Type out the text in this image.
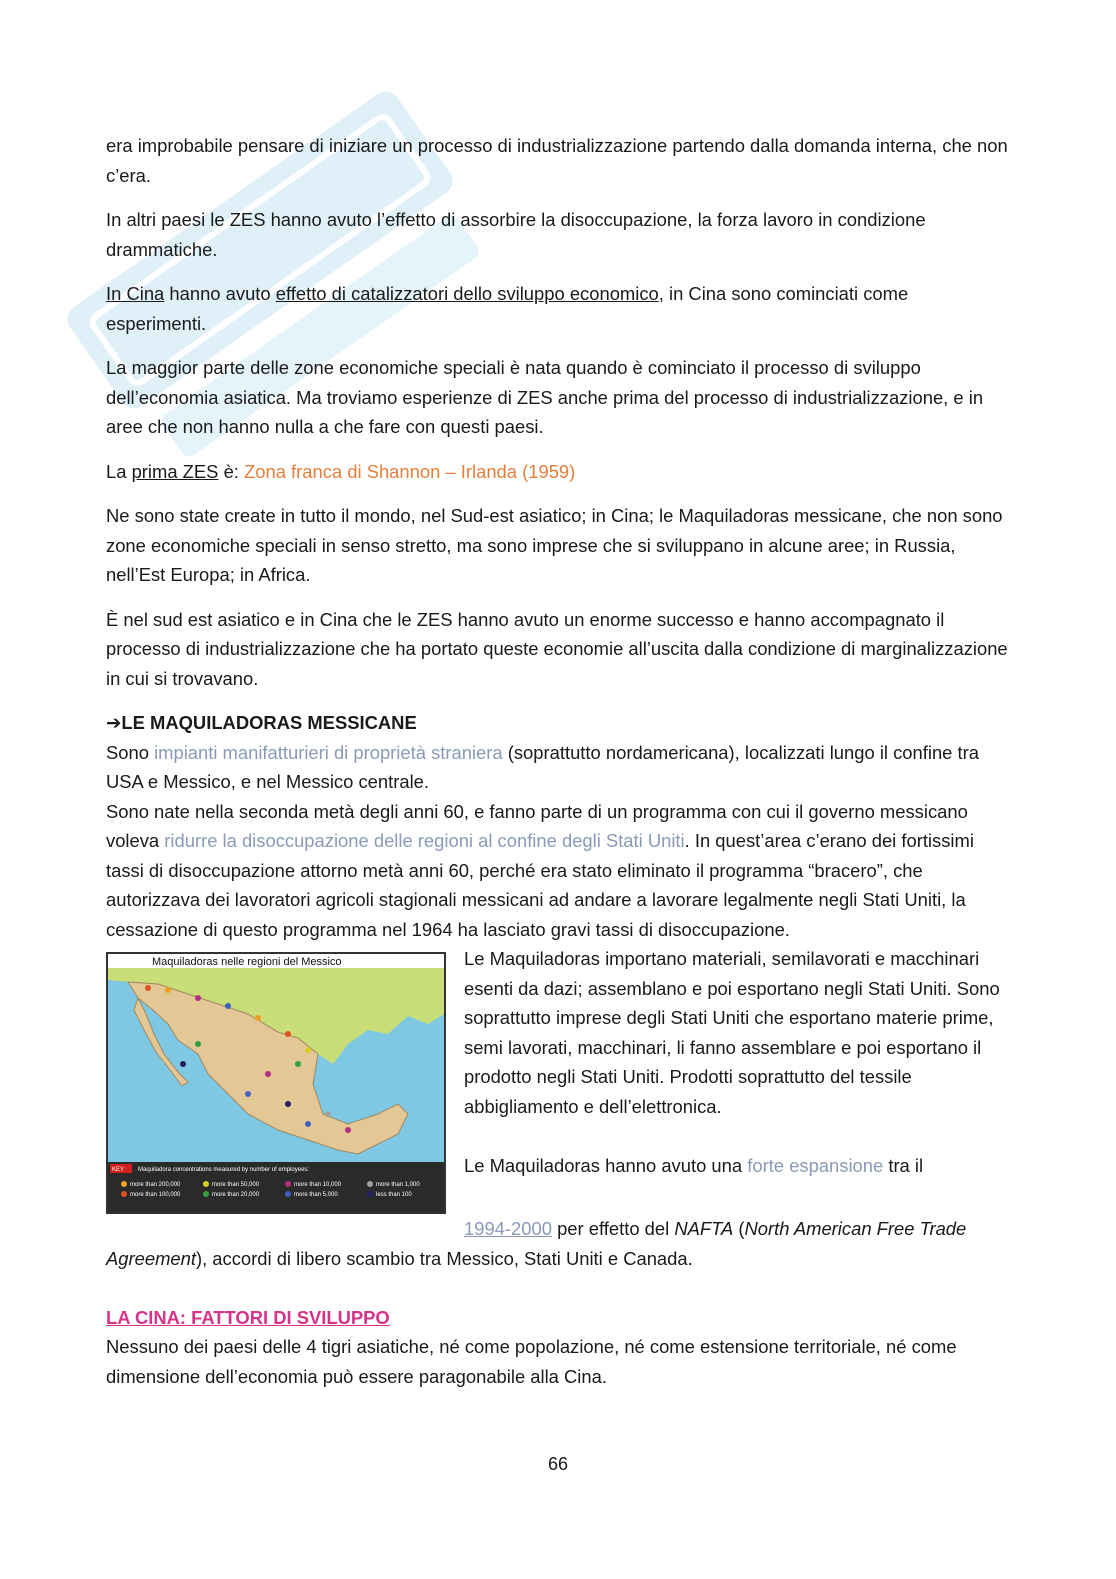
era improbabile pensare di iniziare un processo di industrializzazione partendo dalla domanda interna, che non c’era.

In altri paesi le ZES hanno avuto l’effetto di assorbire la disoccupazione, la forza lavoro in condizione drammatiche.

In Cina hanno avuto effetto di catalizzatori dello sviluppo economico, in Cina sono cominciati come esperimenti.

La maggior parte delle zone economiche speciali è nata quando è cominciato il processo di sviluppo dell’economia asiatica. Ma troviamo esperienze di ZES anche prima del processo di industrializzazione, e in aree che non hanno nulla a che fare con questi paesi.

La prima ZES è: Zona franca di Shannon – Irlanda (1959)

Ne sono state create in tutto il mondo, nel Sud-est asiatico; in Cina; le Maquiladoras messicane, che non sono zone economiche speciali in senso stretto, ma sono imprese che si sviluppano in alcune aree; in Russia, nell’Est Europa; in Africa.

È nel sud est asiatico e in Cina che le ZES hanno avuto un enorme successo e hanno accompagnato il processo di industrializzazione che ha portato queste economie all’uscita dalla condizione di marginalizzazione in cui si trovavano.

➔LE MAQUILADORAS MESSICANE
Sono impianti manifatturieri di proprietà straniera (soprattutto nordamericana), localizzati lungo il confine tra USA e Messico, e nel Messico centrale.
Sono nate nella seconda metà degli anni 60, e fanno parte di un programma con cui il governo messicano voleva ridurre la disoccupazione delle regioni al confine degli Stati Uniti. In quest’area c’erano dei fortissimi tassi di disoccupazione attorno metà anni 60, perché era stato eliminato il programma “bracero”, che autorizzava dei lavoratori agricoli stagionali messicani ad andare a lavorare legalmente negli Stati Uniti, la cessazione di questo programma nel 1964 ha lasciato gravi tassi di disoccupazione.
KEY Maquiladora concentrations measured by number of employees:
more than 200,000
more than 100,000
more than 50,000
more than 20,000
more than 10,000
more than 5,000
more than 1,000
less than 100
Maquiladoras nelle regioni del Messico	Le Maquiladoras importano materiali, semilavorati e macchinari esenti da dazi; assemblano e poi esportano negli Stati Uniti. Sono soprattutto imprese degli Stati Uniti che esportano materie prime, semi lavorati, macchinari, li fanno assemblare e poi esportano il prodotto negli Stati Uniti. Prodotti soprattutto del tessile abbigliamento e dell’elettronica.

Le Maquiladoras hanno avuto una forte espansione tra il

1994-2000 per effetto del NAFTA (North American Free Trade Agreement), accordi di libero scambio tra Messico, Stati Uniti e Canada.
LA CINA: FATTORI DI SVILUPPO
Nessuno dei paesi delle 4 tigri asiatiche, né come popolazione, né come estensione territoriale, né come dimensione dell’economia può essere paragonabile alla Cina.
66
